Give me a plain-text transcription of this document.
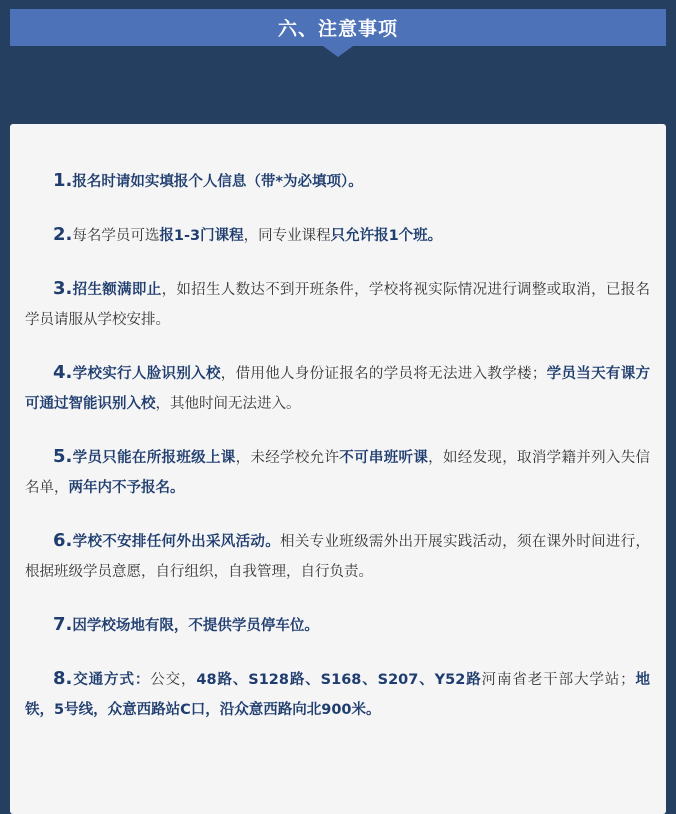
六、注意事项

1.报名时请如实填报个人信息（带*为必填项）。

2.每名学员可选报1-3门课程，同专业课程只允许报1个班。

3.招生额满即止，如招生人数达不到开班条件，学校将视实际情况进行调整或取消，已报名学员请服从学校安排。

4.学校实行人脸识别入校，借用他人身份证报名的学员将无法进入教学楼；学员当天有课方可通过智能识别入校，其他时间无法进入。

5.学员只能在所报班级上课，未经学校允许不可串班听课，如经发现，取消学籍并列入失信名单，两年内不予报名。

6.学校不安排任何外出采风活动。相关专业班级需外出开展实践活动，须在课外时间进行，根据班级学员意愿，自行组织，自我管理，自行负责。

7.因学校场地有限，不提供学员停车位。

8.交通方式：公交，48路、S128路、S168、S207、Y52路河南省老干部大学站；地铁，5号线，众意西路站C口，沿众意西路向北900米。
